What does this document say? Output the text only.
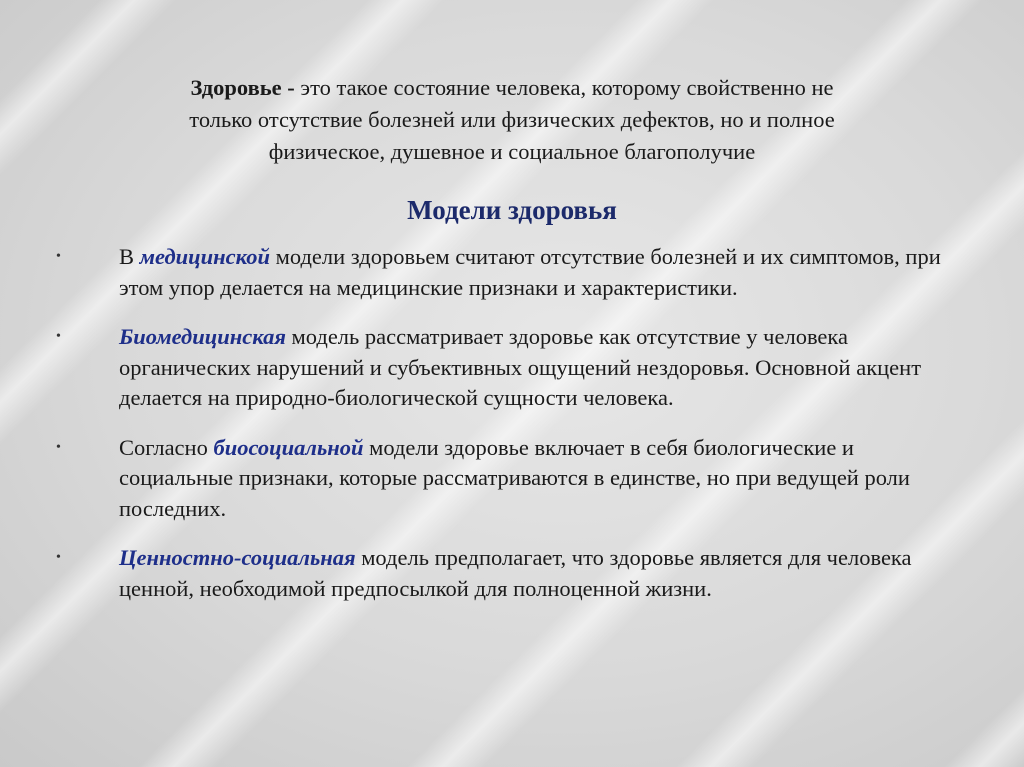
Здоровье - это такое состояние человека, которому свойственно не
только отсутствие болезней или физических дефектов, но и полное
физическое, душевное и социальное благополучие
Модели здоровья
•	В медицинской модели здоровьем считают отсутствие болезней и их симптомов, при этом упор делается на медицинские признаки и характеристики.
•	Биомедицинская модель рассматривает здоровье как отсутствие у человека органических нарушений и субъективных ощущений нездоровья. Основной акцент делается на природно-биологической сущности человека.
•	Согласно биосоциальной модели здоровье включает в себя биологические и социальные признаки, которые рассматриваются в единстве, но при ведущей роли последних.
•	Ценностно-социальная модель предполагает, что здоровье является для человека ценной, необходимой предпосылкой для полноценной жизни.
